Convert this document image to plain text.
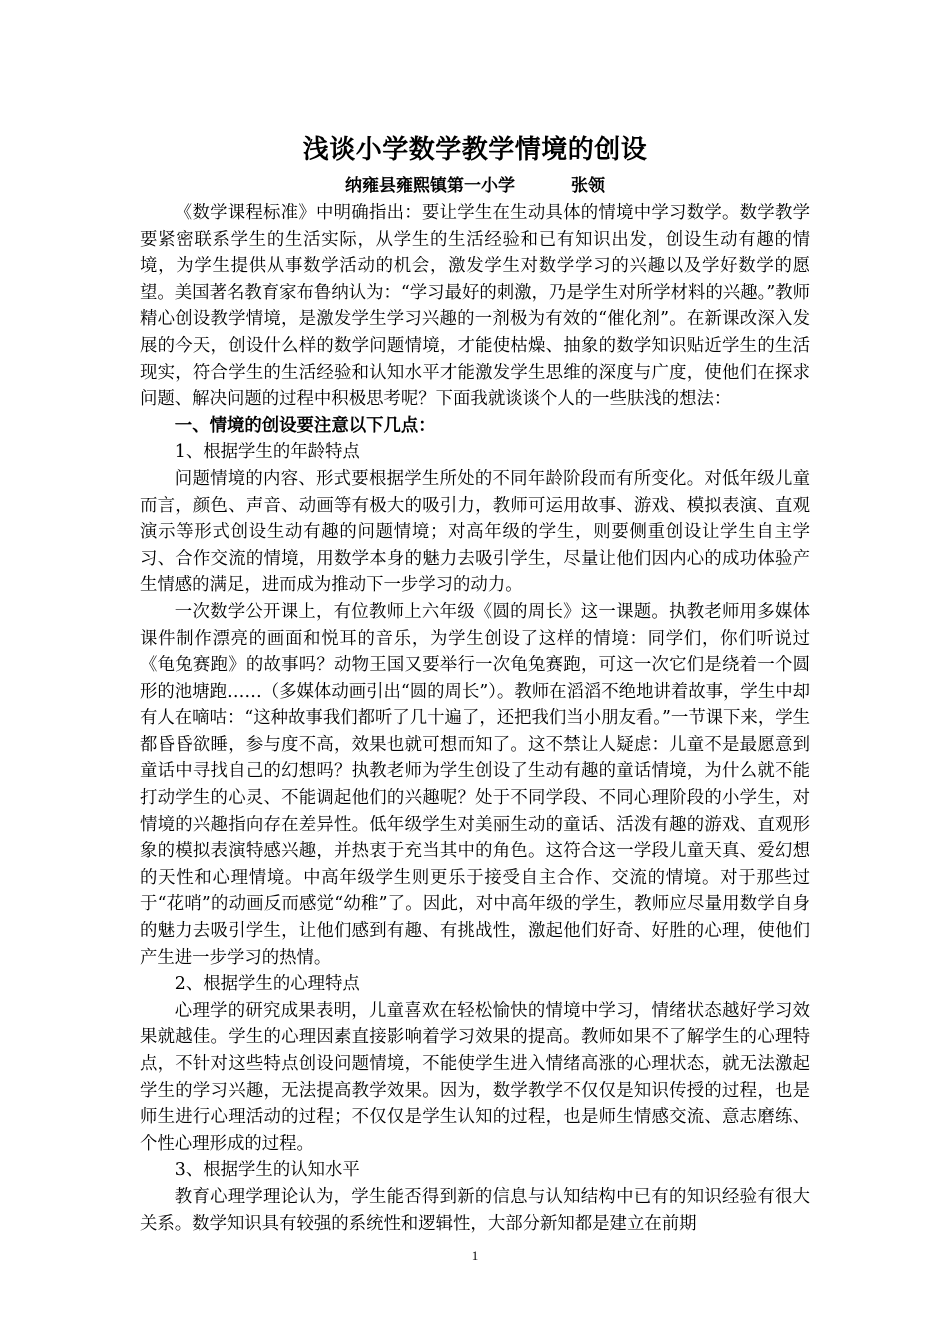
浅谈小学数学教学情境的创设
纳雍县雍熙镇第一小学	张领

《数学课程标准》中明确指出：要让学生在生动具体的情境中学习数学。数学教学要紧密联系学生的生活实际，从学生的生活经验和已有知识出发，创设生动有趣的情境，为学生提供从事数学活动的机会，激发学生对数学学习的兴趣以及学好数学的愿望。美国著名教育家布鲁纳认为：“学习最好的刺激，乃是学生对所学材料的兴趣。”教师精心创设教学情境，是激发学生学习兴趣的一剂极为有效的“催化剂”。在新课改深入发展的今天，创设什么样的数学问题情境，才能使枯燥、抽象的数学知识贴近学生的生活现实，符合学生的生活经验和认知水平才能激发学生思维的深度与广度，使他们在探求问题、解决问题的过程中积极思考呢？下面我就谈谈个人的一些肤浅的想法：

一、情境的创设要注意以下几点：

1、根据学生的年龄特点

问题情境的内容、形式要根据学生所处的不同年龄阶段而有所变化。对低年级儿童而言，颜色、声音、动画等有极大的吸引力，教师可运用故事、游戏、模拟表演、直观演示等形式创设生动有趣的问题情境；对高年级的学生，则要侧重创设让学生自主学习、合作交流的情境，用数学本身的魅力去吸引学生，尽量让他们因内心的成功体验产生情感的满足，进而成为推动下一步学习的动力。

一次数学公开课上，有位教师上六年级《圆的周长》这一课题。执教老师用多媒体课件制作漂亮的画面和悦耳的音乐，为学生创设了这样的情境：同学们，你们听说过《龟兔赛跑》的故事吗？动物王国又要举行一次龟兔赛跑，可这一次它们是绕着一个圆形的池塘跑……（多媒体动画引出“圆的周长”）。教师在滔滔不绝地讲着故事，学生中却有人在嘀咕：“这种故事我们都听了几十遍了，还把我们当小朋友看。”一节课下来，学生都昏昏欲睡，参与度不高，效果也就可想而知了。这不禁让人疑虑：儿童不是最愿意到童话中寻找自己的幻想吗？执教老师为学生创设了生动有趣的童话情境，为什么就不能打动学生的心灵、不能调起他们的兴趣呢？处于不同学段、不同心理阶段的小学生，对情境的兴趣指向存在差异性。低年级学生对美丽生动的童话、活泼有趣的游戏、直观形象的模拟表演特感兴趣，并热衷于充当其中的角色。这符合这一学段儿童天真、爱幻想的天性和心理情境。中高年级学生则更乐于接受自主合作、交流的情境。对于那些过于“花哨”的动画反而感觉“幼稚”了。因此，对中高年级的学生，教师应尽量用数学自身的魅力去吸引学生，让他们感到有趣、有挑战性，激起他们好奇、好胜的心理，使他们产生进一步学习的热情。

2、根据学生的心理特点

心理学的研究成果表明，儿童喜欢在轻松愉快的情境中学习，情绪状态越好学习效果就越佳。学生的心理因素直接影响着学习效果的提高。教师如果不了解学生的心理特点，不针对这些特点创设问题情境，不能使学生进入情绪高涨的心理状态，就无法激起学生的学习兴趣，无法提高教学效果。因为，数学教学不仅仅是知识传授的过程，也是师生进行心理活动的过程；不仅仅是学生认知的过程，也是师生情感交流、意志磨练、个性心理形成的过程。

3、根据学生的认知水平

教育心理学理论认为，学生能否得到新的信息与认知结构中已有的知识经验有很大关系。数学知识具有较强的系统性和逻辑性，大部分新知都是建立在前期

1
